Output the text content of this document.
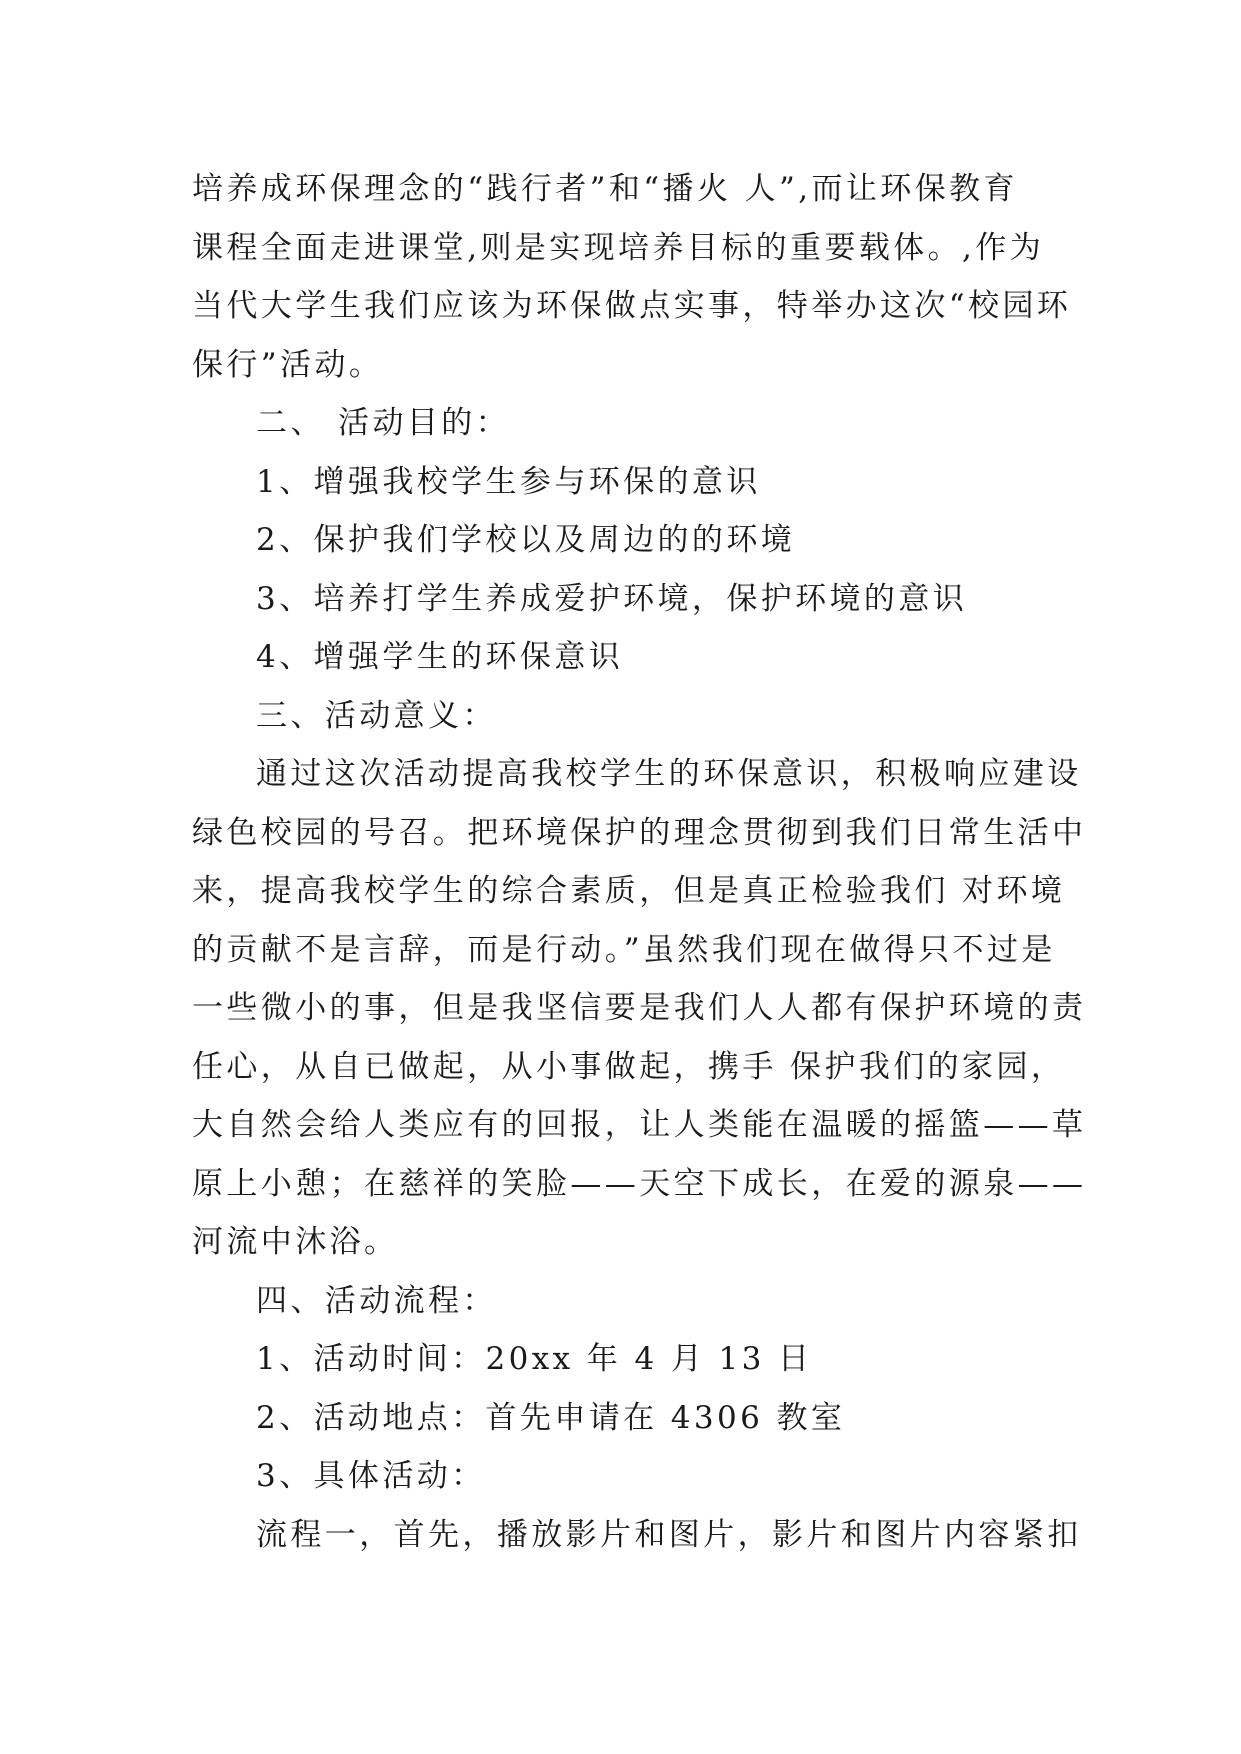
培养成环保理念的“践行者”和“播火 人”,而让环保教育
课程全面走进课堂,则是实现培养目标的重要载体。,作为
当代大学生我们应该为环保做点实事，特举办这次“校园环
保行”活动。
二、 活动目的：
1、增强我校学生参与环保的意识
2、保护我们学校以及周边的的环境
3、培养打学生养成爱护环境，保护环境的意识
4、增强学生的环保意识
三、活动意义：
通过这次活动提高我校学生的环保意识，积极响应建设
绿色校园的号召。把环境保护的理念贯彻到我们日常生活中
来，提高我校学生的综合素质，但是真正检验我们 对环境
的贡献不是言辞，而是行动。”虽然我们现在做得只不过是
一些微小的事，但是我坚信要是我们人人都有保护环境的责
任心，从自已做起，从小事做起，携手 保护我们的家园，
大自然会给人类应有的回报，让人类能在温暖的摇篮——草
原上小憩；在慈祥的笑脸——天空下成长，在爱的源泉——
河流中沐浴。
四、活动流程：
1、活动时间：20xx 年 4 月 13 日
2、活动地点：首先申请在 4306 教室
3、具体活动：
流程一，首先，播放影片和图片，影片和图片内容紧扣
